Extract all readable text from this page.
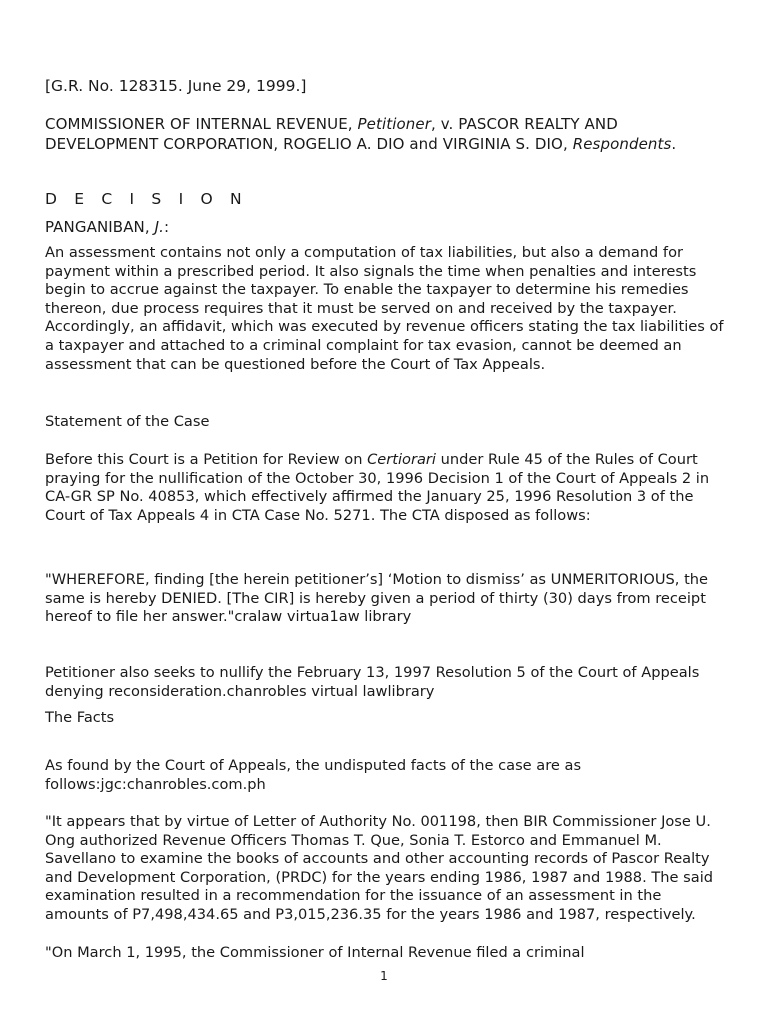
[G.R. No. 128315. June 29, 1999.]

COMMISSIONER OF INTERNAL REVENUE, Petitioner, v. PASCOR REALTY AND DEVELOPMENT CORPORATION, ROGELIO A. DIO and VIRGINIA S. DIO, Respondents.

D E C I S I O N

PANGANIBAN, J.:

An assessment contains not only a computation of tax liabilities, but also a demand for payment within a prescribed period. It also signals the time when penalties and interests begin to accrue against the taxpayer. To enable the taxpayer to determine his remedies thereon, due process requires that it must be served on and received by the taxpayer. Accordingly, an affidavit, which was executed by revenue officers stating the tax liabilities of a taxpayer and attached to a criminal complaint for tax evasion, cannot be deemed an assessment that can be questioned before the Court of Tax Appeals.

Statement of the Case

Before this Court is a Petition for Review on Certiorari under Rule 45 of the Rules of Court praying for the nullification of the October 30, 1996 Decision 1 of the Court of Appeals 2 in CA-GR SP No. 40853, which effectively affirmed the January 25, 1996 Resolution 3 of the Court of Tax Appeals 4 in CTA Case No. 5271. The CTA disposed as follows:

"WHEREFORE, finding [the herein petitioner’s] ‘Motion to dismiss’ as UNMERITORIOUS, the same is hereby DENIED. [The CIR] is hereby given a period of thirty (30) days from receipt hereof to file her answer."cralaw virtua1aw library

Petitioner also seeks to nullify the February 13, 1997 Resolution 5 of the Court of Appeals denying reconsideration.chanrobles virtual lawlibrary

The Facts

As found by the Court of Appeals, the undisputed facts of the case are as follows:jgc:chanrobles.com.ph

"It appears that by virtue of Letter of Authority No. 001198, then BIR Commissioner Jose U. Ong authorized Revenue Officers Thomas T. Que, Sonia T. Estorco and Emmanuel M. Savellano to examine the books of accounts and other accounting records of Pascor Realty and Development Corporation, (PRDC) for the years ending 1986, 1987 and 1988. The said examination resulted in a recommendation for the issuance of an assessment in the amounts of P7,498,434.65 and P3,015,236.35 for the years 1986 and 1987, respectively.

"On March 1, 1995, the Commissioner of Internal Revenue filed a criminal

1
